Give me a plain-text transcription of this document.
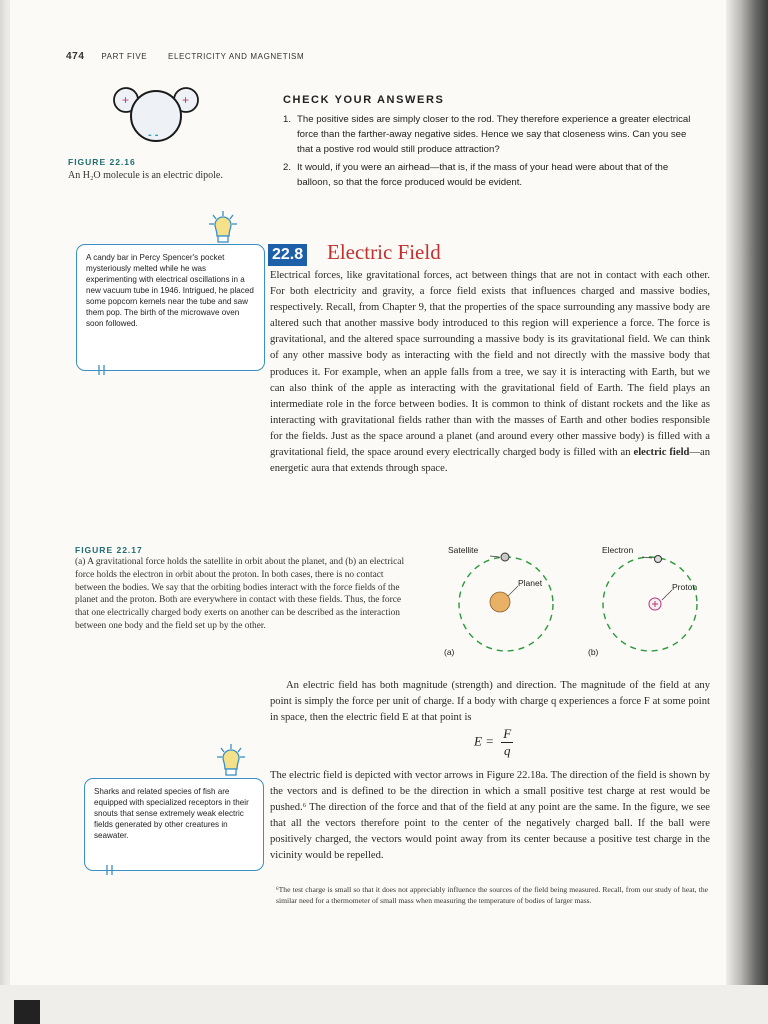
474 PART FIVE	ELECTRICITY AND MAGNETISM
+	+
- -
FIGURE 22.16
An H₂O molecule is an electric dipole.
CHECK YOUR ANSWERS
1. The positive sides are simply closer to the rod. They therefore experience a greater electrical force than the farther-away negative sides. Hence we say that closeness wins. Can you see that a postive rod would still produce attraction?
2. It would, if you were an airhead—that is, if the mass of your head were about that of the balloon, so that the force produced would be evident.
A candy bar in Percy Spencer's pocket mysteriously melted while he was experimenting with electrical oscillations in a new vacuum tube in 1946. Intrigued, he placed some popcorn kernels near the tube and saw them pop. The birth of the microwave oven soon followed.
22.8 Electric Field

Electrical forces, like gravitational forces, act between things that are not in contact with each other. For both electricity and gravity, a force field exists that influences charged and massive bodies, respectively. Recall, from Chapter 9, that the properties of the space surrounding any massive body are altered such that another massive body introduced to this region will experience a force. The force is gravitational, and the altered space surrounding a massive body is its gravitational field. We can think of any other massive body as interacting with the field and not directly with the massive body that produces it. For example, when an apple falls from a tree, we say it is interacting with Earth, but we can also think of the apple as interacting with the gravitational field of Earth. The field plays an intermediate role in the force between bodies. It is common to think of distant rockets and the like as interacting with gravitational fields rather than with the masses of Earth and other bodies responsible for the fields. Just as the space around a planet (and around every other massive body) is filled with a gravitational field, the space around every electrically charged body is filled with an electric field—an energetic aura that extends through space.

FIGURE 22.17
(a) A gravitational force holds the satellite in orbit about the planet, and (b) an electrical force holds the electron in orbit about the proton. In both cases, there is no contact between the bodies. We say that the orbiting bodies interact with the force fields of the planet and the proton. Both are everywhere in contact with these fields. Thus, the force that one electrically charged body exerts on another can be described as the interaction between one body and the field set up by the other.
Satellite
Planet
(a)
Electron
Proton
(b)

An electric field has both magnitude (strength) and direction. The magnitude of the field at any point is simply the force per unit of charge. If a body with charge q experiences a force F at some point in space, then the electric field E at that point is

$E = \frac{F}{q}$
Sharks and related species of fish are equipped with specialized receptors in their snouts that sense extremely weak electric fields generated by other creatures in seawater.

The electric field is depicted with vector arrows in Figure 22.18a. The direction of the field is shown by the vectors and is defined to be the direction in which a small positive test charge at rest would be pushed.⁶ The direction of the force and that of the field at any point are the same. In the figure, we see that all the vectors therefore point to the center of the negatively charged ball. If the ball were positively charged, the vectors would point away from its center because a positive test charge in the vicinity would be repelled.

⁶The test charge is small so that it does not appreciably influence the sources of the field being measured. Recall, from our study of heat, the similar need for a thermometer of small mass when measuring the temperature of bodies of larger mass.
